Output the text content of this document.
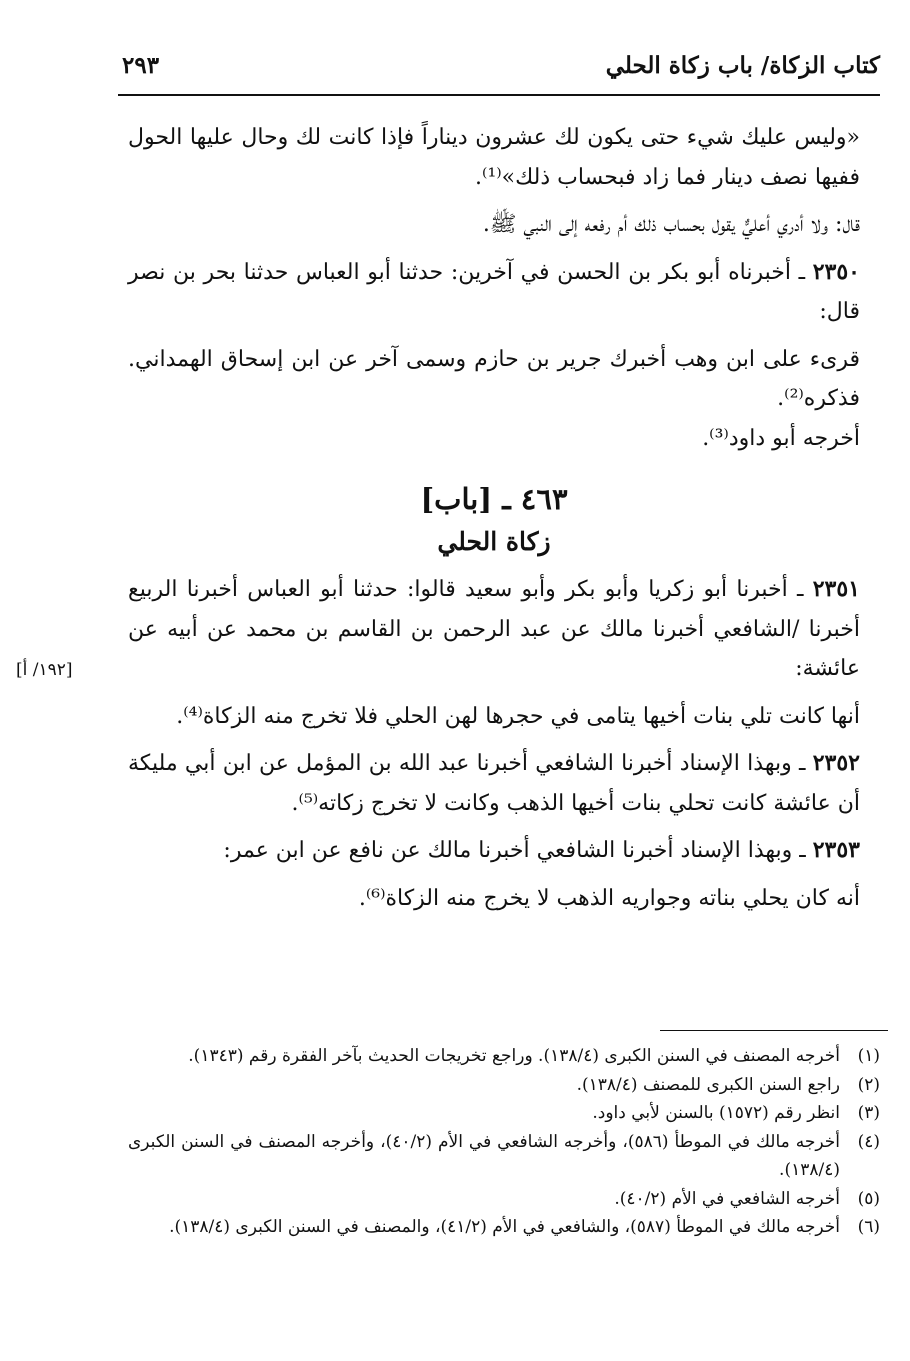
كتاب الزكاة/ باب زكاة الحلي
٢٩٣

«وليس عليك شيء حتى يكون لك عشرون ديناراً فإذا كانت لك وحال عليها الحول ففيها نصف دينار فما زاد فبحساب ذلك»⁽¹⁾.

قال: ولا أدري أعليٌّ يقول بحساب ذلك أم رفعه إلى النبي ﷺ.

٢٣٥٠ ـ أخبرناه أبو بكر بن الحسن في آخرين: حدثنا أبو العباس حدثنا بحر بن نصر قال:

قرىء على ابن وهب أخبرك جرير بن حازم وسمى آخر عن ابن إسحاق الهمداني. فذكره⁽²⁾.

أخرجه أبو داود⁽³⁾.

٤٦٣ ـ [باب]
زكاة الحلي

٢٣٥١ ـ أخبرنا أبو زكريا وأبو بكر وأبو سعيد قالوا: حدثنا أبو العباس أخبرنا الربيع أخبرنا /الشافعي أخبرنا مالك عن عبد الرحمن بن القاسم بن محمد عن أبيه عن عائشة:

أنها كانت تلي بنات أخيها يتامى في حجرها لهن الحلي فلا تخرج منه الزكاة⁽⁴⁾.

٢٣٥٢ ـ وبهذا الإسناد أخبرنا الشافعي أخبرنا عبد الله بن المؤمل عن ابن أبي مليكة أن عائشة كانت تحلي بنات أخيها الذهب وكانت لا تخرج زكاته⁽⁵⁾.

٢٣٥٣ ـ وبهذا الإسناد أخبرنا الشافعي أخبرنا مالك عن نافع عن ابن عمر:

أنه كان يحلي بناته وجواريه الذهب لا يخرج منه الزكاة⁽⁶⁾.

[١٩٢/ أ]
(١)
أخرجه المصنف في السنن الكبرى (١٣٨/٤). وراجع تخريجات الحديث بآخر الفقرة رقم (١٣٤٣).
(٢)
راجع السنن الكبرى للمصنف (١٣٨/٤).
(٣)
انظر رقم (١٥٧٢) بالسنن لأبي داود.
(٤)
أخرجه مالك في الموطأ (٥٨٦)، وأخرجه الشافعي في الأم (٤٠/٢)، وأخرجه المصنف في السنن الكبرى (١٣٨/٤).
(٥)
أخرجه الشافعي في الأم (٤٠/٢).
(٦)
أخرجه مالك في الموطأ (٥٨٧)، والشافعي في الأم (٤١/٢)، والمصنف في السنن الكبرى (١٣٨/٤).
